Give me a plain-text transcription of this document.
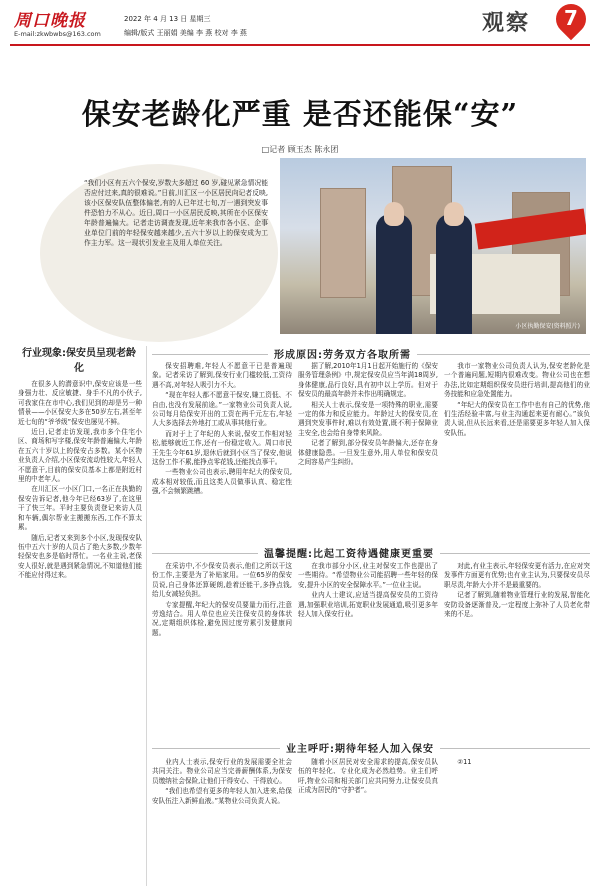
周口晚报
E-mail:zkwbwbs@163.com
2022 年 4 月 13 日 星期三
编辑/版式 王丽娟 美编 李 燕 校对 李 燕	观察	7
保安老龄化严重 是否还能保“安”
□记者 顾玉杰 陈永团
“我们小区有五六个保安,岁数大多超过 60 岁,碰见紧急情况能否应付过来,真的很难说。”日前,川汇区一小区居民向记者反映,该小区保安队伍整体偏老,有的人已年过七旬,万一遇到突发事件恐怕力不从心。近日,周口一小区居民反映,其所在小区保安年龄普遍偏大。记者走访调查发现,近年来我市各小区、企事业单位门前的年轻保安越来越少,五六十岁以上的保安成为工作主力军。这一现状引发业主及用人单位关注。
小区执勤保安(资料照片)
行业现象:保安员呈现老龄化
形成原因:劳务双方各取所需
温馨提醒:比起工资待遇健康更重要
业主呼吁:期待年轻人加入保安

在很多人的潜意识中,保安应该是一些身强力壮、反应敏捷、身手不凡的小伙子,可我家住在市中心,我们见到的却是另一种情景——小区保安大多在50岁左右,甚至年近七旬的“爷爷级”保安也屡见不鲜。

近日,记者走访发现,我市多个住宅小区、商场和写字楼,保安年龄普遍偏大,年龄在五六十岁以上的保安占多数。某小区物业负责人介绍,小区保安流动性较大,年轻人不愿意干,目前的保安员基本上都是附近村里的中老年人。

在川汇区一小区门口,一名正在执勤的保安告诉记者,他今年已经63岁了,在这里干了快三年。平时主要负责登记来访人员和车辆,偶尔帮业主搬搬东西,工作不算太累。

随后,记者又来到多个小区,发现保安队伍中五六十岁的人员占了绝大多数,少数年轻保安也多是临时帮忙。一名业主说,老保安人很好,就是遇到紧急情况,不知道他们能不能应付得过来。

保安招聘难,年轻人不愿意干已是普遍现象。记者采访了解到,保安行业门槛较低,工资待遇不高,对年轻人吸引力不大。

“现在年轻人都不愿意干保安,嫌工资低、不自由,也没有发展前途。”一家物业公司负责人说,公司每月给保安开出的工资在两千元左右,年轻人大多选择去外地打工或从事其他行业。

而对于上了年纪的人来说,保安工作相对轻松,能够就近工作,还有一份稳定收入。周口市民王先生今年61岁,退休后就到小区当了保安,他说这份工作不累,能挣点零花钱,还能找点事干。

一些物业公司也表示,聘用年纪大的保安员,成本相对较低,而且这类人员做事认真、稳定性强,不会频繁跳槽。

据了解,2010年1月1日起开始施行的《保安服务管理条例》中,规定保安员应当年满18周岁,身体健康,品行良好,具有初中以上学历。但对于保安员的最高年龄并未作出明确规定。

相关人士表示,保安是一项特殊的职业,需要一定的体力和反应能力。年龄过大的保安员,在遇到突发事件时,难以有效处置,既不利于保障业主安全,也会给自身带来风险。

记者了解到,部分保安员年龄偏大,还存在身体健康隐患。一旦发生意外,用人单位和保安员之间容易产生纠纷。

我市一家物业公司负责人认为,保安老龄化是一个普遍问题,短期内很难改变。物业公司也在想办法,比如定期组织保安员进行培训,提高他们的业务技能和应急处置能力。

“年纪大的保安员在工作中也有自己的优势,他们生活经验丰富,与业主沟通起来更有耐心。”该负责人说,但从长远来看,还是需要更多年轻人加入保安队伍。

在采访中,不少保安员表示,他们之所以干这份工作,主要是为了补贴家用。一位65岁的保安员说,自己身体还算硬朗,趁着还能干,多挣点钱,给儿女减轻负担。

专家提醒,年纪大的保安员要量力而行,注意劳逸结合。用人单位也应关注保安员的身体状况,定期组织体检,避免因过度劳累引发健康问题。

在我市部分小区,业主对保安工作也提出了一些期待。“希望物业公司能招聘一些年轻的保安,提升小区的安全保障水平。”一位业主说。

业内人士建议,应适当提高保安员的工资待遇,加强职业培训,拓宽职业发展通道,吸引更多年轻人加入保安行业。

对此,有业主表示,年轻保安更有活力,在应对突发事件方面更有优势;也有业主认为,只要保安员尽职尽责,年龄大小并不是最重要的。

记者了解到,随着物业管理行业的发展,智能化安防设备逐渐普及,一定程度上弥补了人员老化带来的不足。

业内人士表示,保安行业的发展需要全社会共同关注。物业公司应当完善薪酬体系,为保安员缴纳社会保险,让他们干得安心、干得放心。

“我们也希望有更多的年轻人加入进来,给保安队伍注入新鲜血液。”某物业公司负责人说。

随着小区居民对安全需求的提高,保安员队伍的年轻化、专业化成为必然趋势。业主们呼吁,物业公司和相关部门应共同努力,让保安员真正成为居民的“守护者”。

②11
